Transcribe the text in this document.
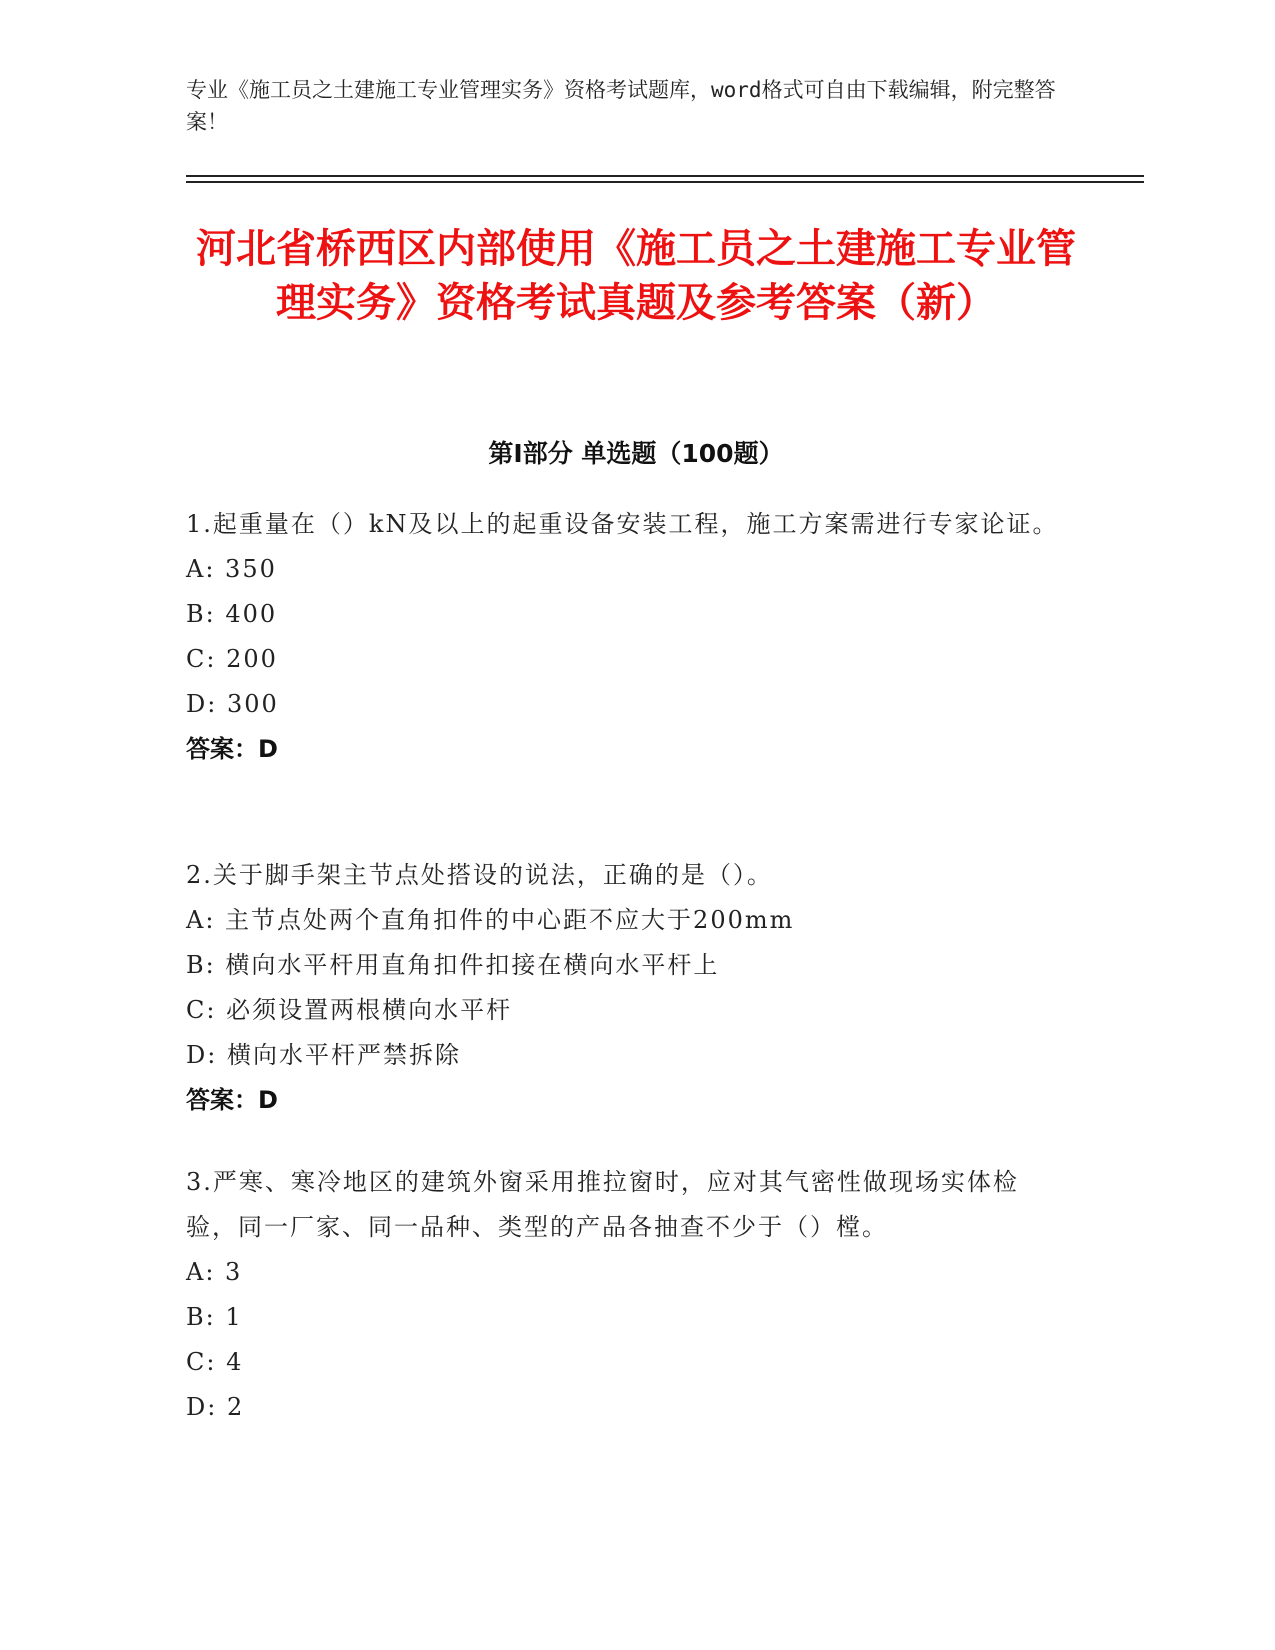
专业《施工员之土建施工专业管理实务》资格考试题库，word格式可自由下载编辑，附完整答案！
河北省桥西区内部使用《施工员之土建施工专业管理实务》资格考试真题及参考答案（新）
第I部分 单选题（100题）
1.起重量在（）kN及以上的起重设备安装工程，施工方案需进行专家论证。
A: 350
B: 400
C: 200
D: 300
答案：D
2.关于脚手架主节点处搭设的说法，正确的是（）。
A: 主节点处两个直角扣件的中心距不应大于200mm
B: 横向水平杆用直角扣件扣接在横向水平杆上
C: 必须设置两根横向水平杆
D: 横向水平杆严禁拆除
答案：D
3.严寒、寒冷地区的建筑外窗采用推拉窗时，应对其气密性做现场实体检验，同一厂家、同一品种、类型的产品各抽查不少于（）樘。
A: 3
B: 1
C: 4
D: 2
